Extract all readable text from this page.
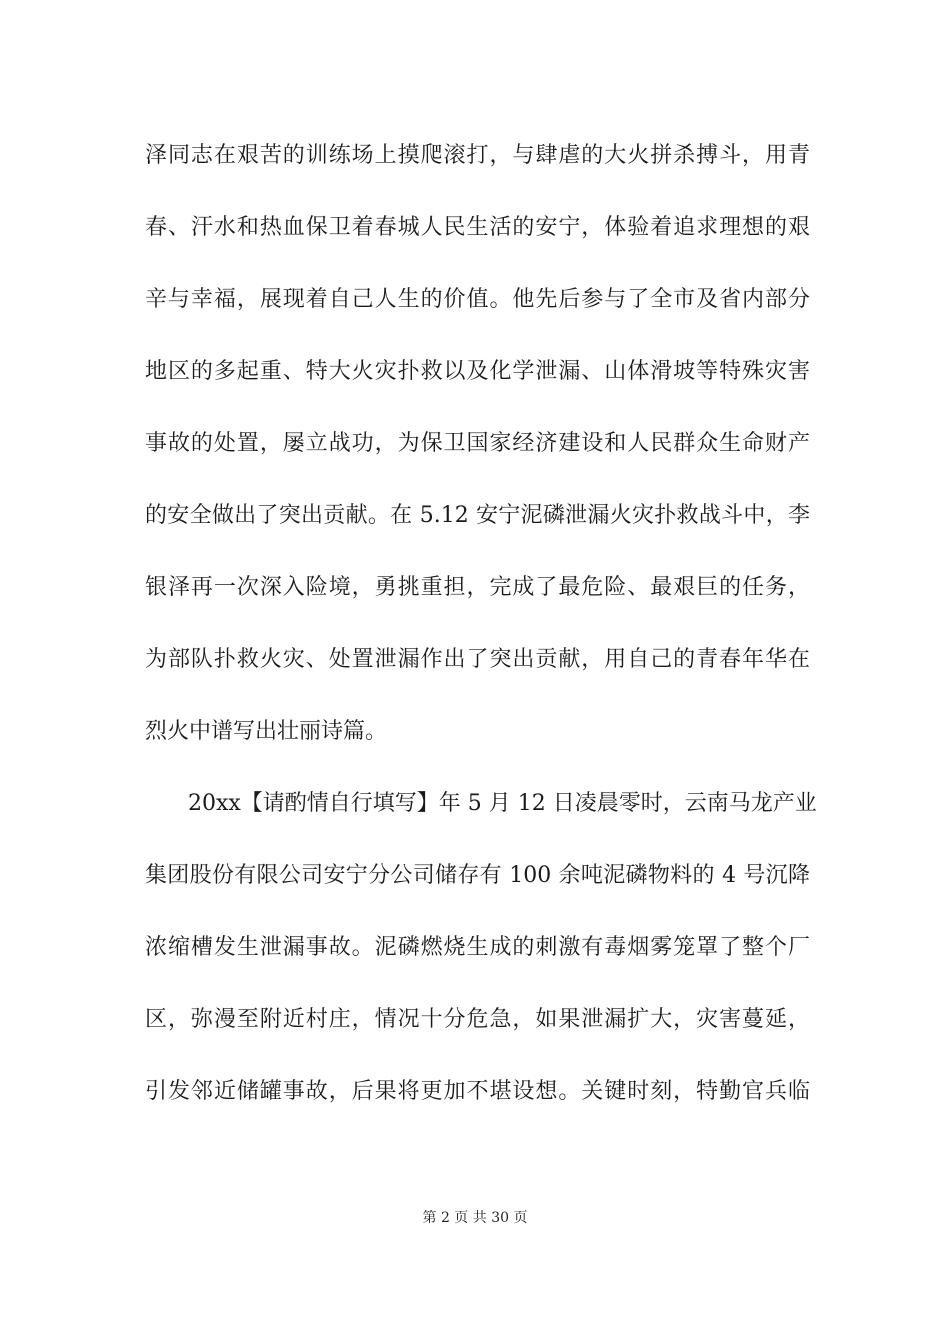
泽同志在艰苦的训练场上摸爬滚打，与肆虐的大火拼杀搏斗，用青
春、汗水和热血保卫着春城人民生活的安宁，体验着追求理想的艰
辛与幸福，展现着自己人生的价值。他先后参与了全市及省内部分
地区的多起重、特大火灾扑救以及化学泄漏、山体滑坡等特殊灾害
事故的处置，屡立战功，为保卫国家经济建设和人民群众生命财产
的安全做出了突出贡献。在 5.12 安宁泥磷泄漏火灾扑救战斗中，李
银泽再一次深入险境，勇挑重担，完成了最危险、最艰巨的任务，
为部队扑救火灾、处置泄漏作出了突出贡献，用自己的青春年华在
烈火中谱写出壮丽诗篇。
20xx【请酌情自行填写】年 5 月 12 日凌晨零时，云南马龙产业
集团股份有限公司安宁分公司储存有 100 余吨泥磷物料的 4 号沉降
浓缩槽发生泄漏事故。泥磷燃烧生成的刺激有毒烟雾笼罩了整个厂
区，弥漫至附近村庄，情况十分危急，如果泄漏扩大，灾害蔓延，
引发邻近储罐事故，后果将更加不堪设想。关键时刻，特勤官兵临
第 2 页 共 30 页
